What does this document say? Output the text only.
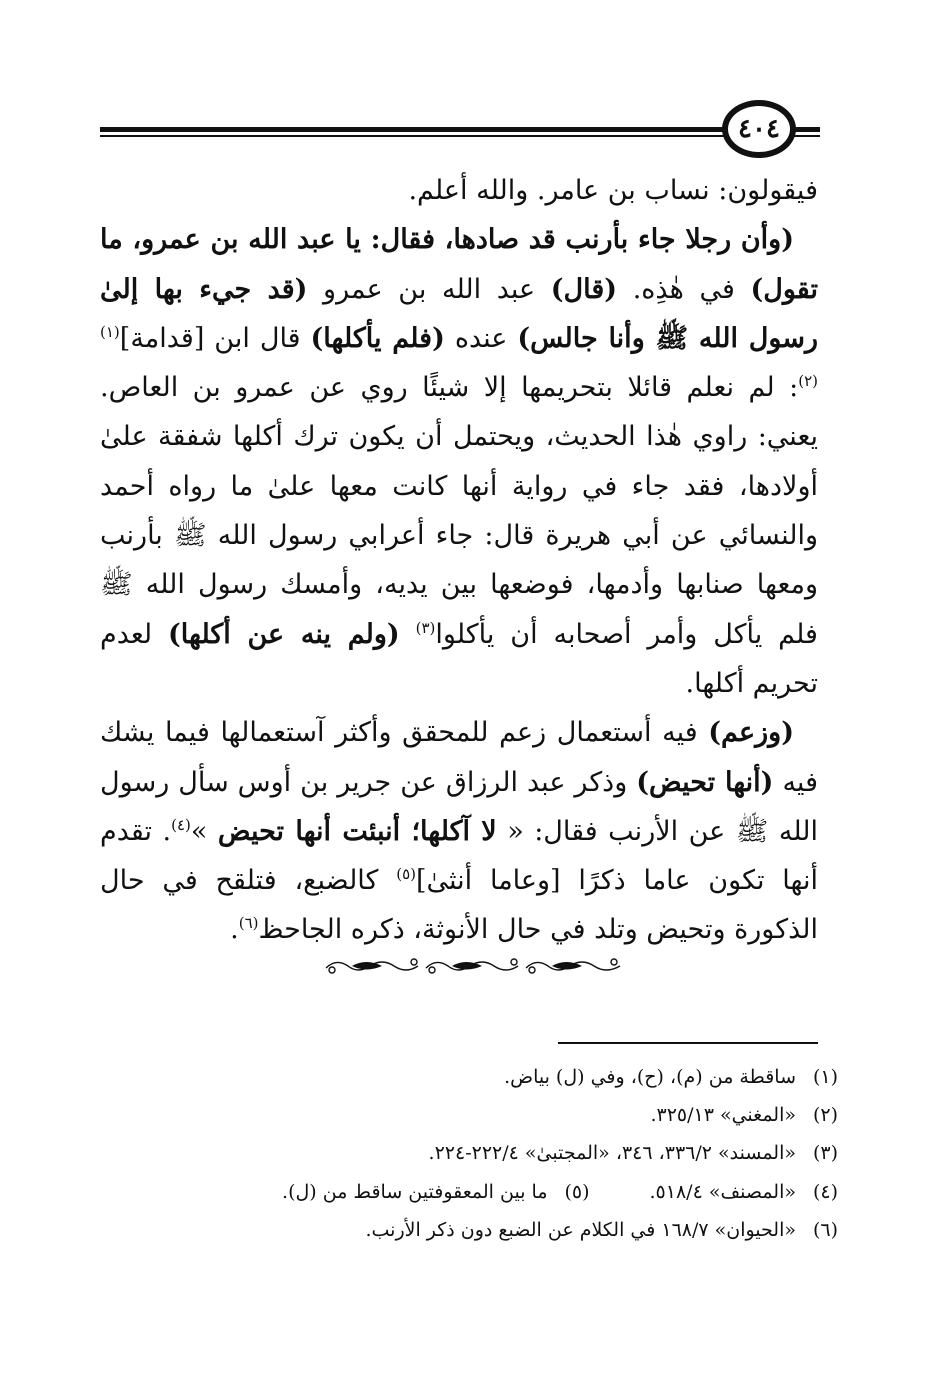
٤٠٤

فيقولون: نساب بن عامر. والله أعلم.

(وأن رجلا جاء بأرنب قد صادها، فقال: يا عبد الله بن عمرو، ما تقول) في هٰذِه. (قال) عبد الله بن عمرو (قد جيء بها إلىٰ رسول الله ﷺ وأنا جالس) عنده (فلم يأكلها) قال ابن [قدامة]$^{(١)(٢)}$: لم نعلم قائلا بتحريمها إلا شيئًا روي عن عمرو بن العاص. يعني: راوي هٰذا الحديث، ويحتمل أن يكون ترك أكلها شفقة علىٰ أولادها، فقد جاء في رواية أنها كانت معها علىٰ ما رواه أحمد والنسائي عن أبي هريرة قال: جاء أعرابي رسول الله ﷺ بأرنب ومعها صنابها وأدمها، فوضعها بين يديه، وأمسك رسول الله ﷺ فلم يأكل وأمر أصحابه أن يأكلوا$^{(٣)}$ (ولم ينه عن أكلها) لعدم تحريم أكلها.

(وزعم) فيه أستعمال زعم للمحقق وأكثر آستعمالها فيما يشك فيه (أنها تحيض) وذكر عبد الرزاق عن جرير بن أوس سأل رسول الله ﷺ عن الأرنب فقال: « لا آكلها؛ أنبئت أنها تحيض »$^{(٤)}$. تقدم أنها تكون عاما ذكرًا [وعاما أنثىٰ]$^{(٥)}$ كالضبع، فتلقح في حال الذكورة وتحيض وتلد في حال الأنوثة، ذكره الجاحظ$^{(٦)}$.

(١)ساقطة من (م)، (ح)، وفي (ل) بياض.
(٢)«المغني» ٣٢٥/١٣.
(٣)«المسند» ٣٣٦/٢، ٣٤٦، «المجتبىٰ» ٢٢٢/٤-٢٢٤.
(٤)«المصنف» ٥١٨/٤.(٥)ما بين المعقوفتين ساقط من (ل).
(٦)«الحيوان» ١٦٨/٧ في الكلام عن الضبع دون ذكر الأرنب.
